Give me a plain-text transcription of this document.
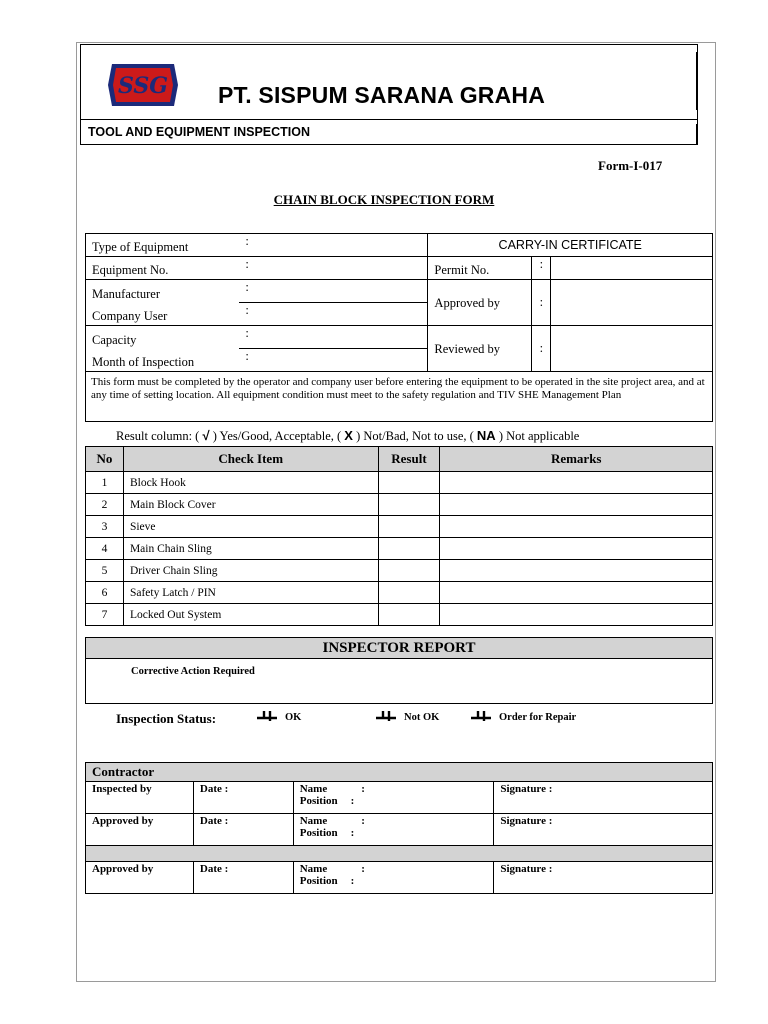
SSG PT. SISPUM SARANA GRAHA
TOOL AND EQUIPMENT INSPECTION
Form-I-017
CHAIN BLOCK INSPECTION FORM
Type of Equipment	:	CARRY-IN CERTIFICATE		
Equipment No.	:	Permit No.	:	
Manufacturer	:	Approved by	:	
Company User	:			
Capacity	:	Reviewed by	:	
Month of Inspection	:			
This form must be completed by the operator and company user before entering the equipment to be operated in the site project area, and at any time of setting location. All equipment condition must meet to the safety regulation and TIV SHE Management Plan				
Result column: ( √ ) Yes/Good, Acceptable, ( X ) Not/Bad, Not to use, ( NA ) Not applicable
No	Check Item	Result	Remarks
1	Block Hook		
2	Main Block Cover		
3	Sieve		
4	Main Chain Sling		
5	Driver Chain Sling		
6	Safety Latch / PIN		
7	Locked Out System		
INSPECTOR REPORT
Corrective Action Required
Inspection Status:	OK	Not OK	Order for Repair
Contractor			
Inspected by	Date :	Name :
Position :	Signature :
Approved by	Date :	Name :
Position :	Signature :

Approved by	Date :	Name :
Position :	Signature :
